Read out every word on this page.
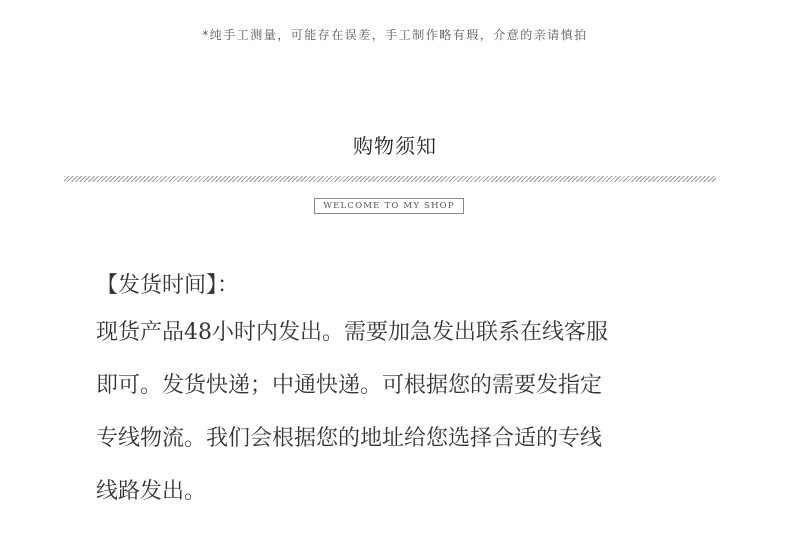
*纯手工测量，可能存在误差，手工制作略有瑕，介意的亲请慎拍
购物须知
WELCOME TO MY SHOP
【发货时间】：
现货产品48小时内发出。需要加急发出联系在线客服
即可。发货快递；中通快递。可根据您的需要发指定
专线物流。我们会根据您的地址给您选择合适的专线
线路发出。
